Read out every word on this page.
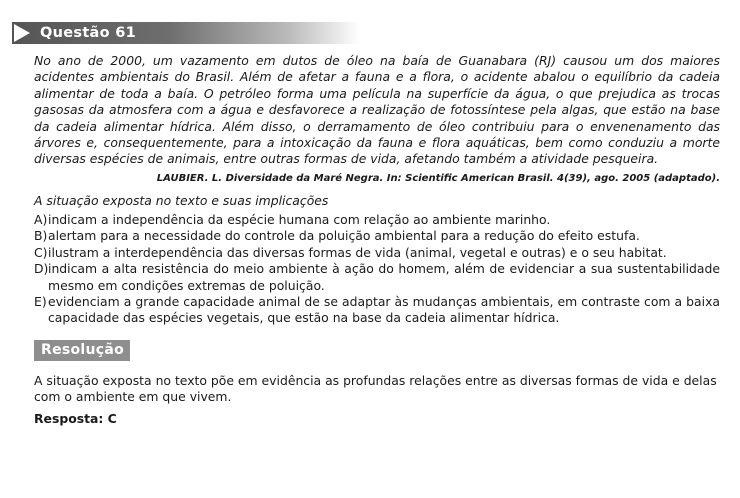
Questão 61

No ano de 2000, um vazamento em dutos de óleo na baía de Guanabara (RJ) causou um dos maiores acidentes ambientais do Brasil. Além de afetar a fauna e a flora, o acidente abalou o equilíbrio da cadeia alimentar de toda a baía. O petróleo forma uma película na superfície da água, o que prejudica as trocas gasosas da atmosfera com a água e desfavorece a realização de fotossíntese pela algas, que estão na base da cadeia alimentar hídrica. Além disso, o derramamento de óleo contribuiu para o envenenamento das árvores e, consequentemente, para a intoxicação da fauna e flora aquáticas, bem como conduziu a morte diversas espécies de animais, entre outras formas de vida, afetando também a atividade pesqueira.

LAUBIER. L. Diversidade da Maré Negra. In: Scientific American Brasil. 4(39), ago. 2005 (adaptado).
A situação exposta no texto e suas implicações
A) indicam a independência da espécie humana com relação ao ambiente marinho.
B) alertam para a necessidade do controle da poluição ambiental para a redução do efeito estufa.
C) ilustram a interdependência das diversas formas de vida (animal, vegetal e outras) e o seu habitat.
D) indicam a alta resistência do meio ambiente à ação do homem, além de evidenciar a sua sustentabilidade mesmo em condições extremas de poluição.
E) evidenciam a grande capacidade animal de se adaptar às mudanças ambientais, em contraste com a baixa capacidade das espécies vegetais, que estão na base da cadeia alimentar hídrica.
Resolução
A situação exposta no texto põe em evidência as profundas relações entre as diversas formas de vida e delas com o ambiente em que vivem.
Resposta: C
